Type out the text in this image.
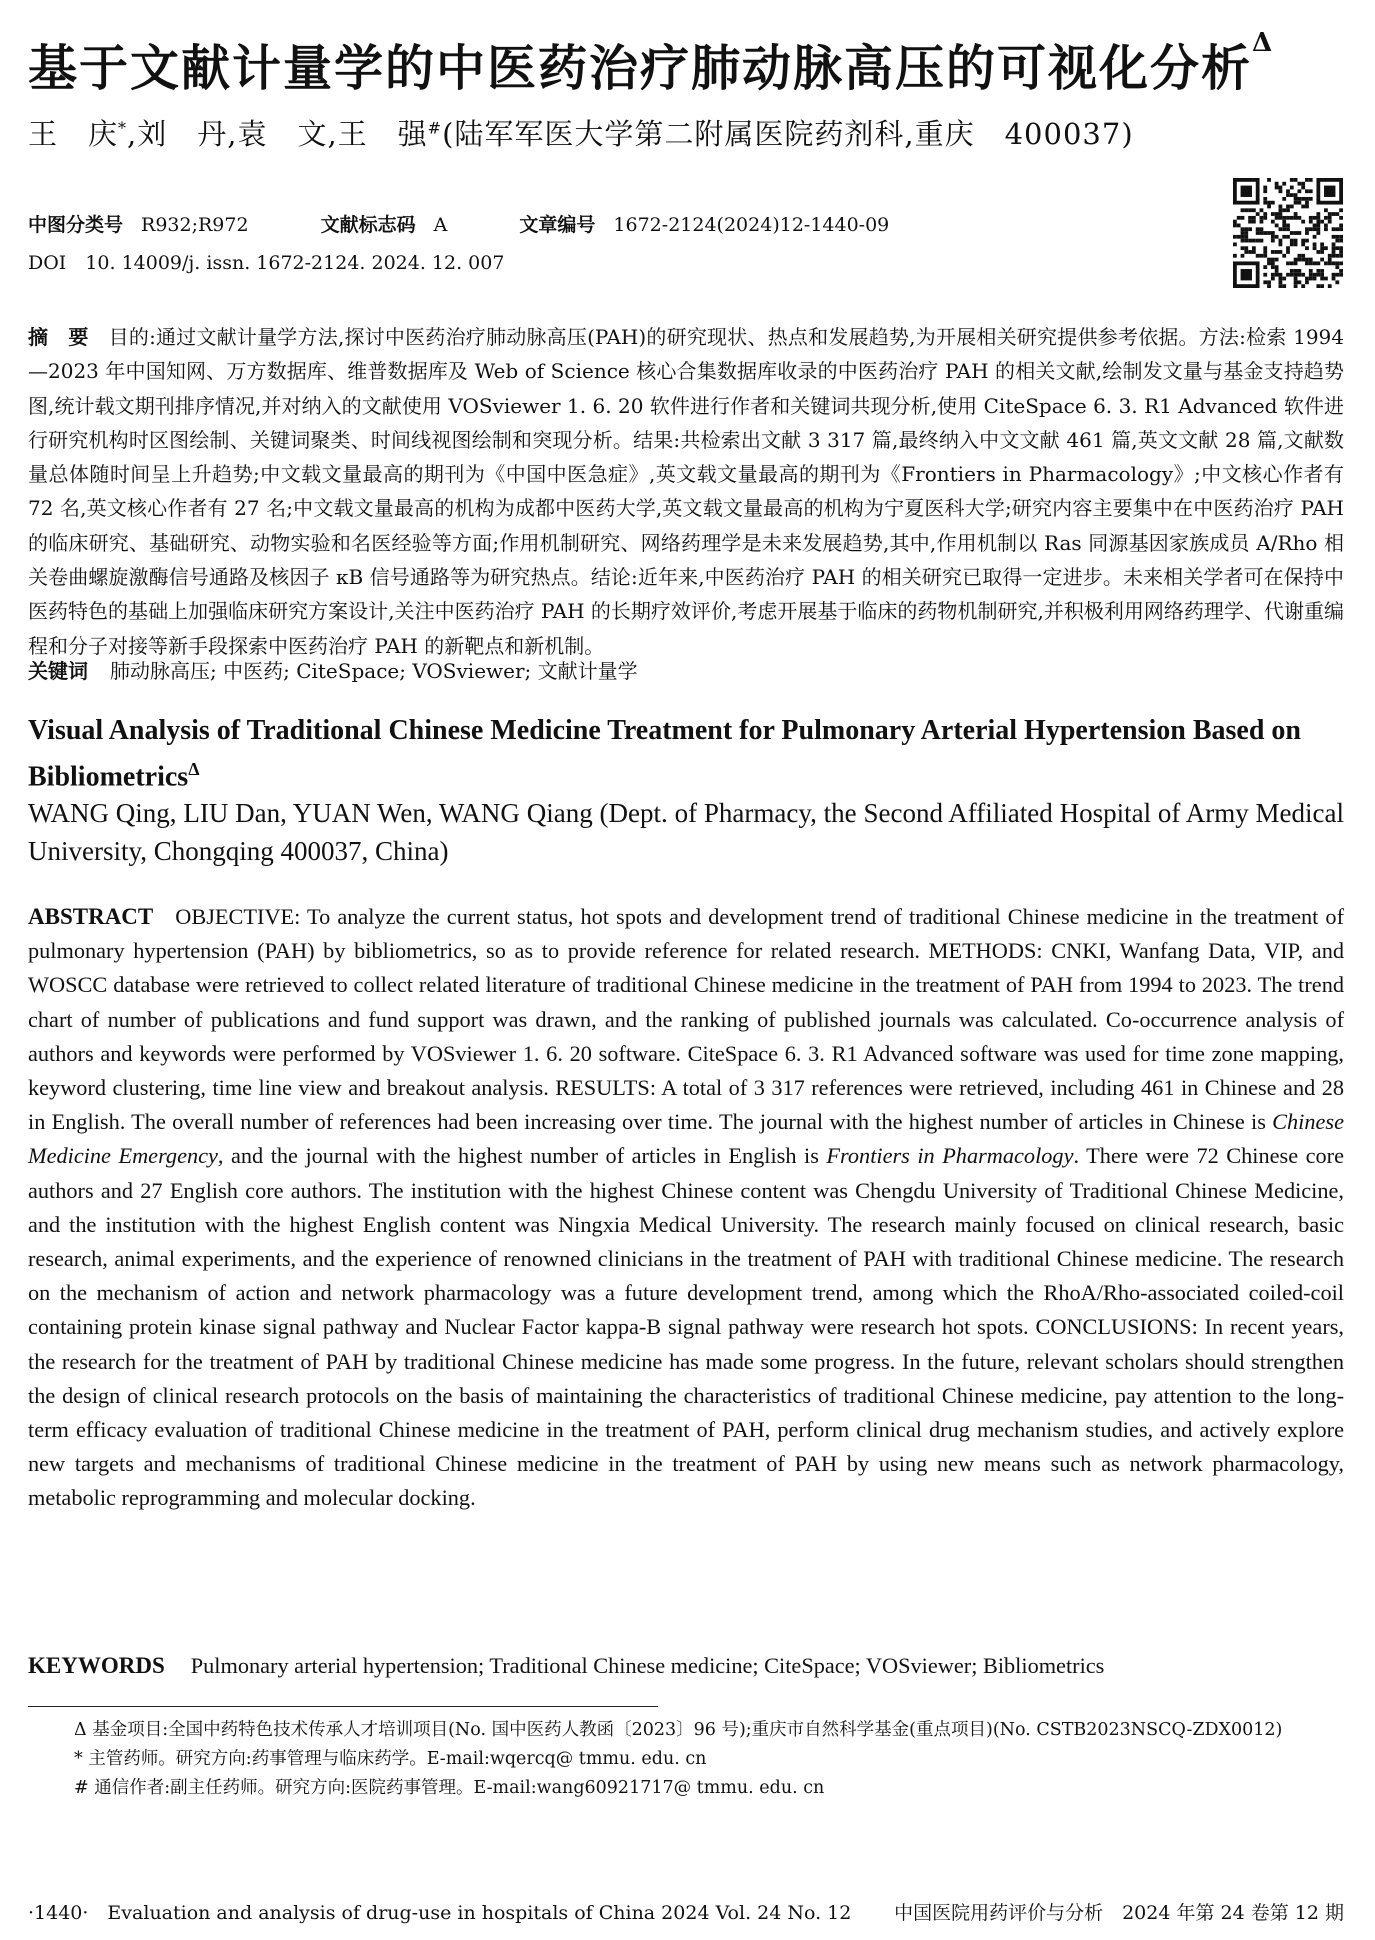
基于文献计量学的中医药治疗肺动脉高压的可视化分析$^\Delta$
王　庆*,刘　丹,袁　文,王　强#(陆军军医大学第二附属医院药剂科,重庆　400037)
中图分类号 R932;R972	文献标志码 A	文章编号 1672-2124(2024)12-1440-09
DOI　10. 14009/j. issn. 1672-2124. 2024. 12. 007
摘　要 目的:通过文献计量学方法,探讨中医药治疗肺动脉高压(PAH)的研究现状、热点和发展趋势,为开展相关研究提供参考依据。方法:检索 1994—2023 年中国知网、万方数据库、维普数据库及 Web of Science 核心合集数据库收录的中医药治疗 PAH 的相关文献,绘制发文量与基金支持趋势图,统计载文期刊排序情况,并对纳入的文献使用 VOSviewer 1. 6. 20 软件进行作者和关键词共现分析,使用 CiteSpace 6. 3. R1 Advanced 软件进行研究机构时区图绘制、关键词聚类、时间线视图绘制和突现分析。结果:共检索出文献 3 317 篇,最终纳入中文文献 461 篇,英文文献 28 篇,文献数量总体随时间呈上升趋势;中文载文量最高的期刊为《中国中医急症》,英文载文量最高的期刊为《Frontiers in Pharmacology》;中文核心作者有 72 名,英文核心作者有 27 名;中文载文量最高的机构为成都中医药大学,英文载文量最高的机构为宁夏医科大学;研究内容主要集中在中医药治疗 PAH 的临床研究、基础研究、动物实验和名医经验等方面;作用机制研究、网络药理学是未来发展趋势,其中,作用机制以 Ras 同源基因家族成员 A/Rho 相关卷曲螺旋激酶信号通路及核因子 κB 信号通路等为研究热点。结论:近年来,中医药治疗 PAH 的相关研究已取得一定进步。未来相关学者可在保持中医药特色的基础上加强临床研究方案设计,关注中医药治疗 PAH 的长期疗效评价,考虑开展基于临床的药物机制研究,并积极利用网络药理学、代谢重编程和分子对接等新手段探索中医药治疗 PAH 的新靶点和新机制。
关键词 肺动脉高压; 中医药; CiteSpace; VOSviewer; 文献计量学
Visual Analysis of Traditional Chinese Medicine Treatment for Pulmonary Arterial Hypertension Based on Bibliometrics$^\Delta$
WANG Qing, LIU Dan, YUAN Wen, WANG Qiang (Dept. of Pharmacy, the Second Affiliated Hospital of Army Medical University, Chongqing 400037, China)
ABSTRACT OBJECTIVE: To analyze the current status, hot spots and development trend of traditional Chinese medicine in the treatment of pulmonary hypertension (PAH) by bibliometrics, so as to provide reference for related research. METHODS: CNKI, Wanfang Data, VIP, and WOSCC database were retrieved to collect related literature of traditional Chinese medicine in the treatment of PAH from 1994 to 2023. The trend chart of number of publications and fund support was drawn, and the ranking of published journals was calculated. Co-occurrence analysis of authors and keywords were performed by VOSviewer 1. 6. 20 software. CiteSpace 6. 3. R1 Advanced software was used for time zone mapping, keyword clustering, time line view and breakout analysis. RESULTS: A total of 3 317 references were retrieved, including 461 in Chinese and 28 in English. The overall number of references had been increasing over time. The journal with the highest number of articles in Chinese is Chinese Medicine Emergency, and the journal with the highest number of articles in English is Frontiers in Pharmacology. There were 72 Chinese core authors and 27 English core authors. The institution with the highest Chinese content was Chengdu University of Traditional Chinese Medicine, and the institution with the highest English content was Ningxia Medical University. The research mainly focused on clinical research, basic research, animal experiments, and the experience of renowned clinicians in the treatment of PAH with traditional Chinese medicine. The research on the mechanism of action and network pharmacology was a future development trend, among which the RhoA/Rho-associated coiled-coil containing protein kinase signal pathway and Nuclear Factor kappa-B signal pathway were research hot spots. CONCLUSIONS: In recent years, the research for the treatment of PAH by traditional Chinese medicine has made some progress. In the future, relevant scholars should strengthen the design of clinical research protocols on the basis of maintaining the characteristics of traditional Chinese medicine, pay attention to the long-term efficacy evaluation of traditional Chinese medicine in the treatment of PAH, perform clinical drug mechanism studies, and actively explore new targets and mechanisms of traditional Chinese medicine in the treatment of PAH by using new means such as network pharmacology, metabolic reprogramming and molecular docking.
KEYWORDS Pulmonary arterial hypertension; Traditional Chinese medicine; CiteSpace; VOSviewer; Bibliometrics
Δ 基金项目:全国中药特色技术传承人才培训项目(No. 国中医药人教函〔2023〕96 号);重庆市自然科学基金(重点项目)(No. CSTB2023NSCQ-ZDX0012)
* 主管药师。研究方向:药事管理与临床药学。E-mail:wqercq@ tmmu. edu. cn
# 通信作者:副主任药师。研究方向:医院药事管理。E-mail:wang60921717@ tmmu. edu. cn
·1440·　Evaluation and analysis of drug-use in hospitals of China 2024 Vol. 24 No. 12 中国医院用药评价与分析　2024 年第 24 卷第 12 期
